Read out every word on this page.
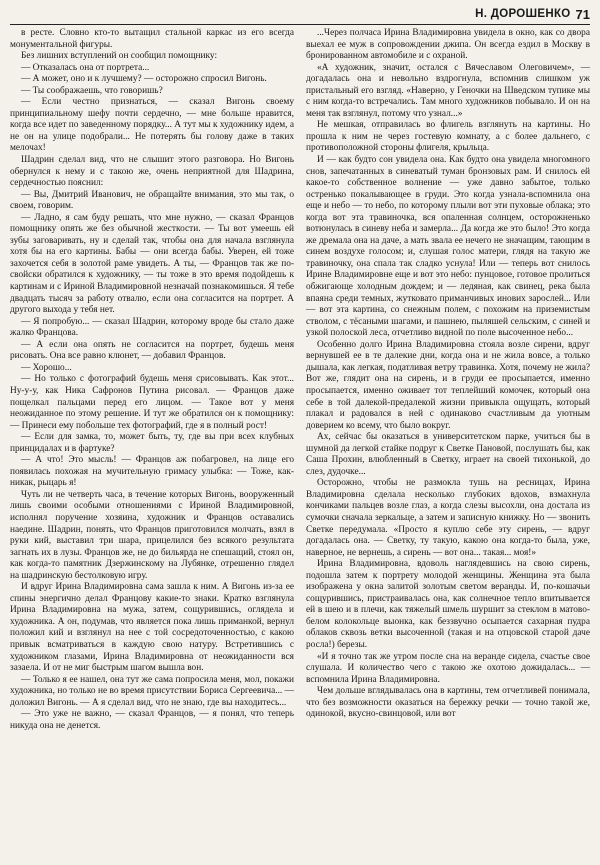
Н. ДОРОШЕНКО 71

в ресте. Словно кто-то вытащил стальной каркас из его всегда монументальной фигуры.

Без лишних вступлений он сообщил помощнику:

— Отказалась она от портрета...

— А может, оно и к лучшему? — осторожно спросил Вигонь.

— Ты соображаешь, что говоришь?

— Если честно признаться, — сказал Вигонь своему принципиальному шефу почти сердечно, — мне больше нравится, когда все идет по заведенному порядку... А тут мы к художнику идем, а не он на улице подобрали... Не потерять бы голову даже в таких мелочах!

Шадрин сделал вид, что не слышит этого разговора. Но Вигонь обернулся к нему и с такою же, очень неприятной для Шадрина, сердечностью пояснил:

— Вы, Дмитрий Иванович, не обращайте внимания, это мы так, о своем, говорим.

— Ладно, я сам буду решать, что мне нужно, — сказал Францов помощнику опять же без обычной жесткости. — Ты вот умеешь ей зубы заговаривать, ну и сделай так, чтобы она для начала взглянула хотя бы на его картины. Бабы — они всегда бабы. Уверен, ей тоже захочется себя в золотой раме увидеть. А ты, — Францов так же по-свойски обратился к художнику, — ты тоже в это время подойдешь к картинам и с Ириной Владимировной незначай познакомишься. Я тебе двадцать тысяч за работу отвалю, если она согласится на портрет. А другого выхода у тебя нет.

— Я попробую... — сказал Шадрин, которому вроде бы стало даже жалко Францова.

— А если она опять не согласится на портрет, будешь меня рисовать. Она все равно клюнет, — добавил Францов.

— Хорошо...

— Но только с фотографий будешь меня срисовывать. Как этот... Ну-у-у, как Ника Сафронов Путина рисовал. — Францов даже пощелкал пальцами перед его лицом. — Такое вот у меня неожиданное по этому решение. И тут же обратился он к помощнику: — Принеси ему побольше тех фотографий, где я в полный рост!

— Если для замка, то, может быть, ту, где вы при всех клубных принцидалах и в фартуке?

— А что! Это мысль! — Францов аж побагровел, на лице его появилась похожая на мучительную гримасу улыбка: — Тоже, как-никак, рыцарь я!

Чуть ли не четверть часа, в течение которых Вигонь, вооруженный лишь своими особыми отношениями с Ириной Владимировной, исполнял поручение хозяина, художник и Францов оставались наедине. Шадрин, понять, что Францов приготовился молчать, взял в руки кий, выставил три шара, прицелился без всякого результата загнать их в лузы. Францов же, не до бильярда не спешащий, стоял он, как когда-то памятник Дзержинскому на Лубянке, отрешенно глядел на шадринскую бестолковую игру.

И вдруг Ирина Владимировна сама зашла к ним. А Вигонь из-за ее спины энергично делал Францову какие-то знаки. Кратко взглянула Ирина Владимировна на мужа, затем, сощурившись, оглядела и художника. А он, подумав, что является пока лишь приманкой, вернул положил кий и взглянул на нее с той сосредоточенностью, с какою привык всматриваться в каждую свою натуру. Встретившись с художником глазами, Ирина Владимировна от неожиданности вся зазаела. И от не миг быстрым шагом вышла вон.

— Только я ее нашел, она тут же сама попросила меня, мол, покажи художника, но только не во время присутствии Бориса Сергеевича... — доложил Вигонь. — А я сделал вид, что не знаю, где вы находитесь...

— Это уже не важно, — сказал Францов, — я понял, что теперь никуда она не денется.

...Через полчаса Ирина Владимировна увидела в окно, как со двора выехал ее муж в сопровождении джипа. Он всегда ездил в Москву в бронированном автомобиле и с охраной.

«А художник, значит, остался с Вячеславом Олеговичем», — догадалась она и невольно вздрогнула, вспомнив слишком уж пристальный его взгляд. «Наверно, у Геночки на Шведском тупике мы с ним когда-то встречались. Там много художников побывало. И он на меня так взглянул, потому что узнал...»

Не мешкая, отправилась во флигель взглянуть на картины. Но прошла к ним не через гостевую комнату, а с более дальнего, с противоположной стороны флигеля, крыльца.

И — как будто сон увидела она. Как будто она увидела многомного снов, запечатанных в синеватый туман бронзовых рам. И снилось ей какое-то собственное волнение — уже давно забытое, только остренько покалывающее в груди. Это когда узнала-вспомнила она еще и небо — то небо, по которому плыли вот эти пуховые облака; это когда вот эта травиночка, вся опаленная солнцем, осторожненько вотюнулась в синеву неба и замерла... Да когда же это было! Это когда же дремала она на даче, а мать звала ее нечего не значащим, тающим в синем воздухе голосом; и, слушая голос матери, глядя на такую же травиночку, она спала так сладко уснула! Или — теперь вот снилось Ирине Владимировне еще и вот это небо: пунцовое, готовое пролиться обжигающе холодным дождем; и — ледяная, как свинец, река была впаяна среди темных, жутковато приманчивых инових зарослей... Или — вот эта картина, со снежным полем, с похожим на приземистым стволом, с тёсаными шагами, и пашнею, пыляшей сельским, с синей и узкой полоской леса, отчетливо видной по поле высоченное небо...

Особенно долго Ирина Владимировна стояла возле сирени, вдруг вернувшей ее в те далекие дни, когда она и не жила вовсе, а только дышала, как легкая, податливая ветру травинка. Хотя, почему не жила? Вот же, глядит она на сирень, и в груди ее просыпается, именно просыпается, именно оживает тот теплейший комочек, который она себе в той далекой-предалекой жизни привыкла ощущать, который плакал и радовался в ней с одинаково счастливым да уютным доверием ко всему, что было вокруг.

Ах, сейчас бы оказаться в университетском парке, учиться бы в шумной да легкой стайке подруг к Светке Пановой, послушать бы, как Саша Прохин, влюбленный в Светку, играет на своей тихонькой, до слез, дудочке...

Осторожно, чтобы не размокла тушь на ресницах, Ирина Владимировна сделала несколько глубоких вдохов, взмахнула кончиками пальцев возле глаз, а когда слезы высохли, она достала из сумочки сначала зеркальце, а затем и записную книжку. Но — звонить Светке передумала. «Просто я куплю себе эту сирень, — вдруг догадалась она. — Светку, ту такую, какою она когда-то была, уже, наверное, не вернешь, а сирень — вот она... такая... моя!»

Ирина Владимировна, вдоволь наглядевшись на свою сирень, подошла затем к портрету молодой женщины. Женщина эта была изображена у окна залитой золотым светом веранды. И, по-кошачьи сощурившись, пристраивалась она, как солнечное тепло впитывается ей в шею и в плечи, как тяжелый шмель шуршит за стеклом в матово-белом колокольце выонка, как беззвучно осыпается сахарная пудра облаков сквозь ветки высоченной (такая и на отцовской старой даче росла!) березы.

«И я точно так же утром после сна на веранде сидела, счастье свое слушала. И количество чего с такою же охотою дожидалась... — вспомнила Ирина Владимировна.

Чем дольше вглядывалась она в картины, тем отчетливей понимала, что без возможности оказаться на бережку речки — точно такой же, одинокой, вкусно-свинцовой, или вот
